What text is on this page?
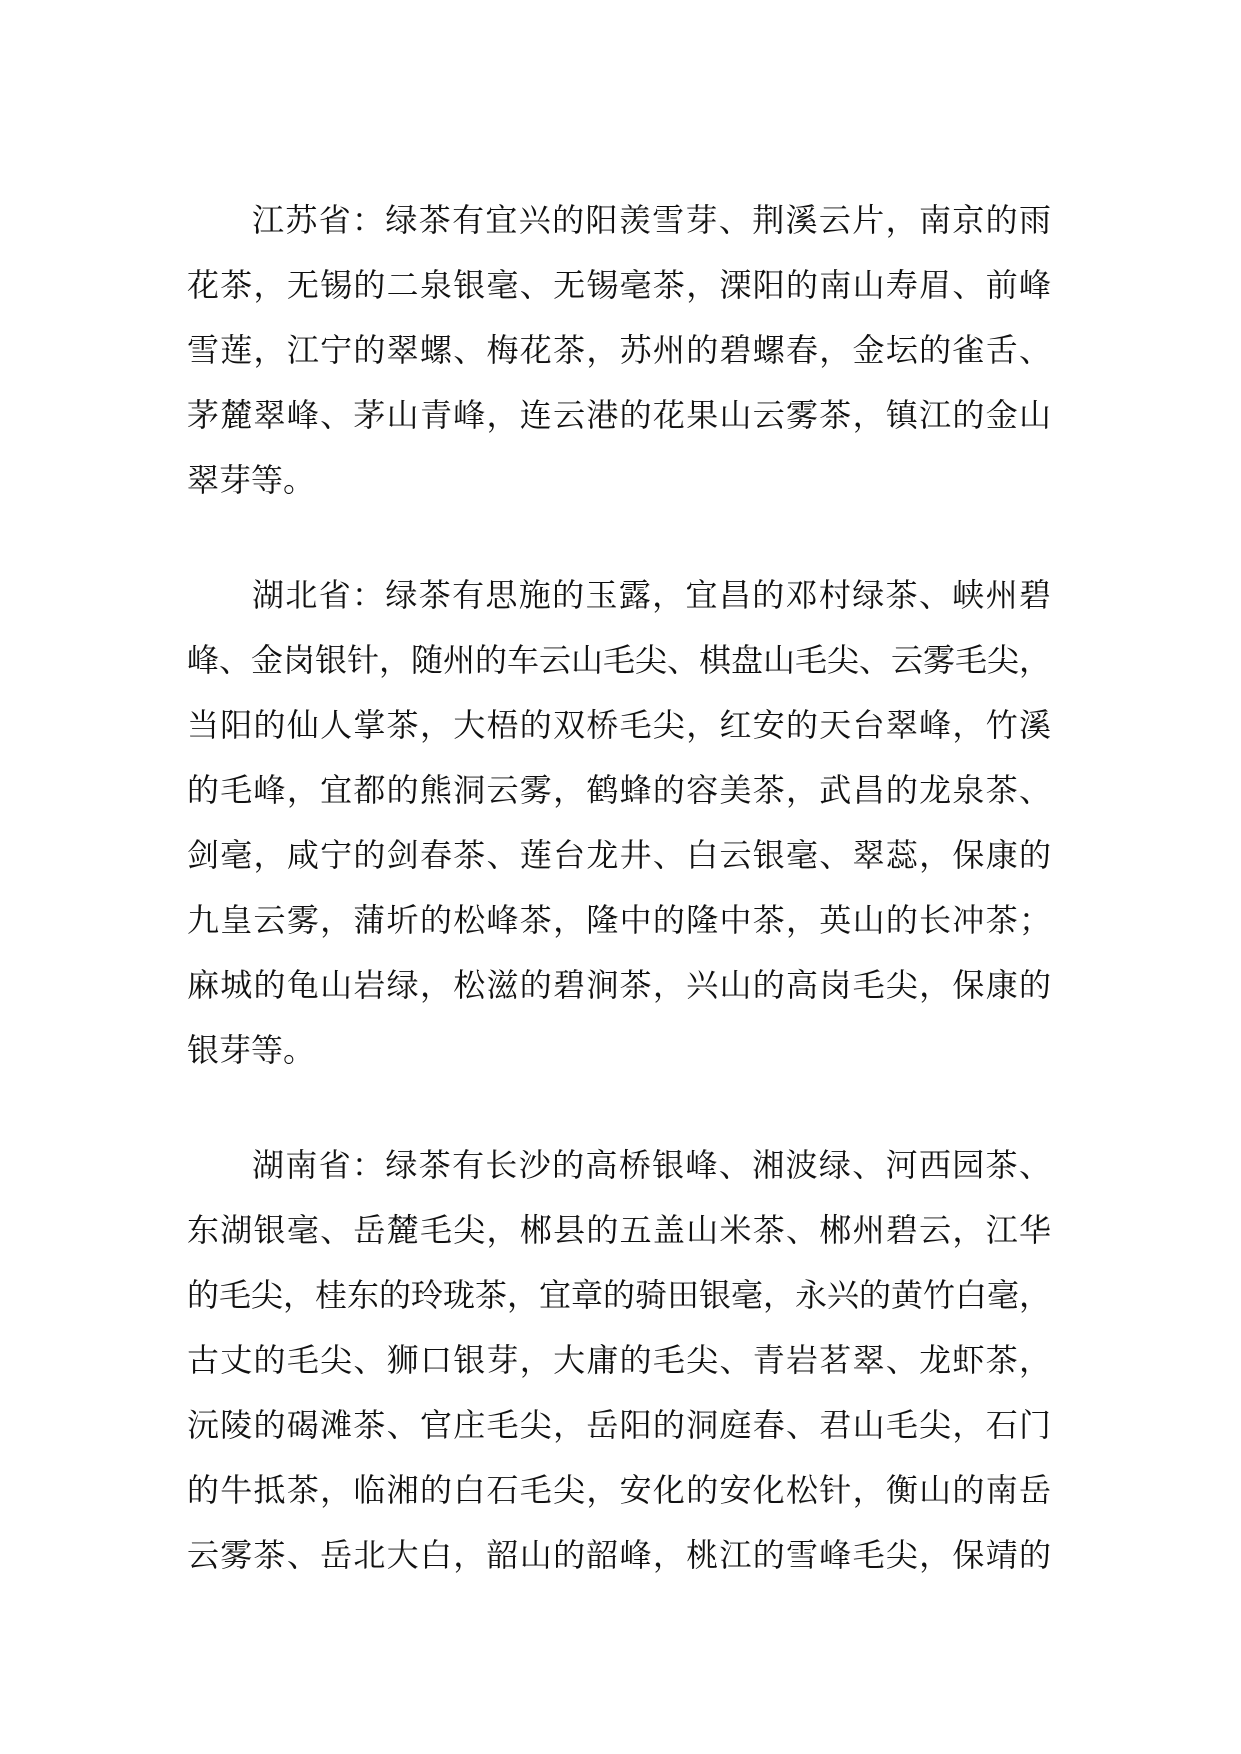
江苏省：绿茶有宜兴的阳羡雪芽、荆溪云片，南京的雨
花茶，无锡的二泉银毫、无锡毫茶，溧阳的南山寿眉、前峰
雪莲，江宁的翠螺、梅花茶，苏州的碧螺春，金坛的雀舌、
茅麓翠峰、茅山青峰，连云港的花果山云雾茶，镇江的金山
翠芽等。
湖北省：绿茶有思施的玉露，宜昌的邓村绿茶、峡州碧
峰、金岗银针，随州的车云山毛尖、棋盘山毛尖、云雾毛尖，
当阳的仙人掌茶，大梧的双桥毛尖，红安的天台翠峰，竹溪
的毛峰，宜都的熊洞云雾，鹤蜂的容美茶，武昌的龙泉茶、
剑毫，咸宁的剑春茶、莲台龙井、白云银毫、翠蕊，保康的
九皇云雾，蒲圻的松峰茶，隆中的隆中茶，英山的长冲茶；
麻城的龟山岩绿，松滋的碧涧茶，兴山的高岗毛尖，保康的
银芽等。
湖南省：绿茶有长沙的高桥银峰、湘波绿、河西园茶、
东湖银毫、岳麓毛尖，郴县的五盖山米茶、郴州碧云，江华
的毛尖，桂东的玲珑茶，宜章的骑田银毫，永兴的黄竹白毫，
古丈的毛尖、狮口银芽，大庸的毛尖、青岩茗翠、龙虾茶，
沅陵的碣滩茶、官庄毛尖，岳阳的洞庭春、君山毛尖，石门
的牛抵茶，临湘的白石毛尖，安化的安化松针，衡山的南岳
云雾茶、岳北大白，韶山的韶峰，桃江的雪峰毛尖，保靖的
